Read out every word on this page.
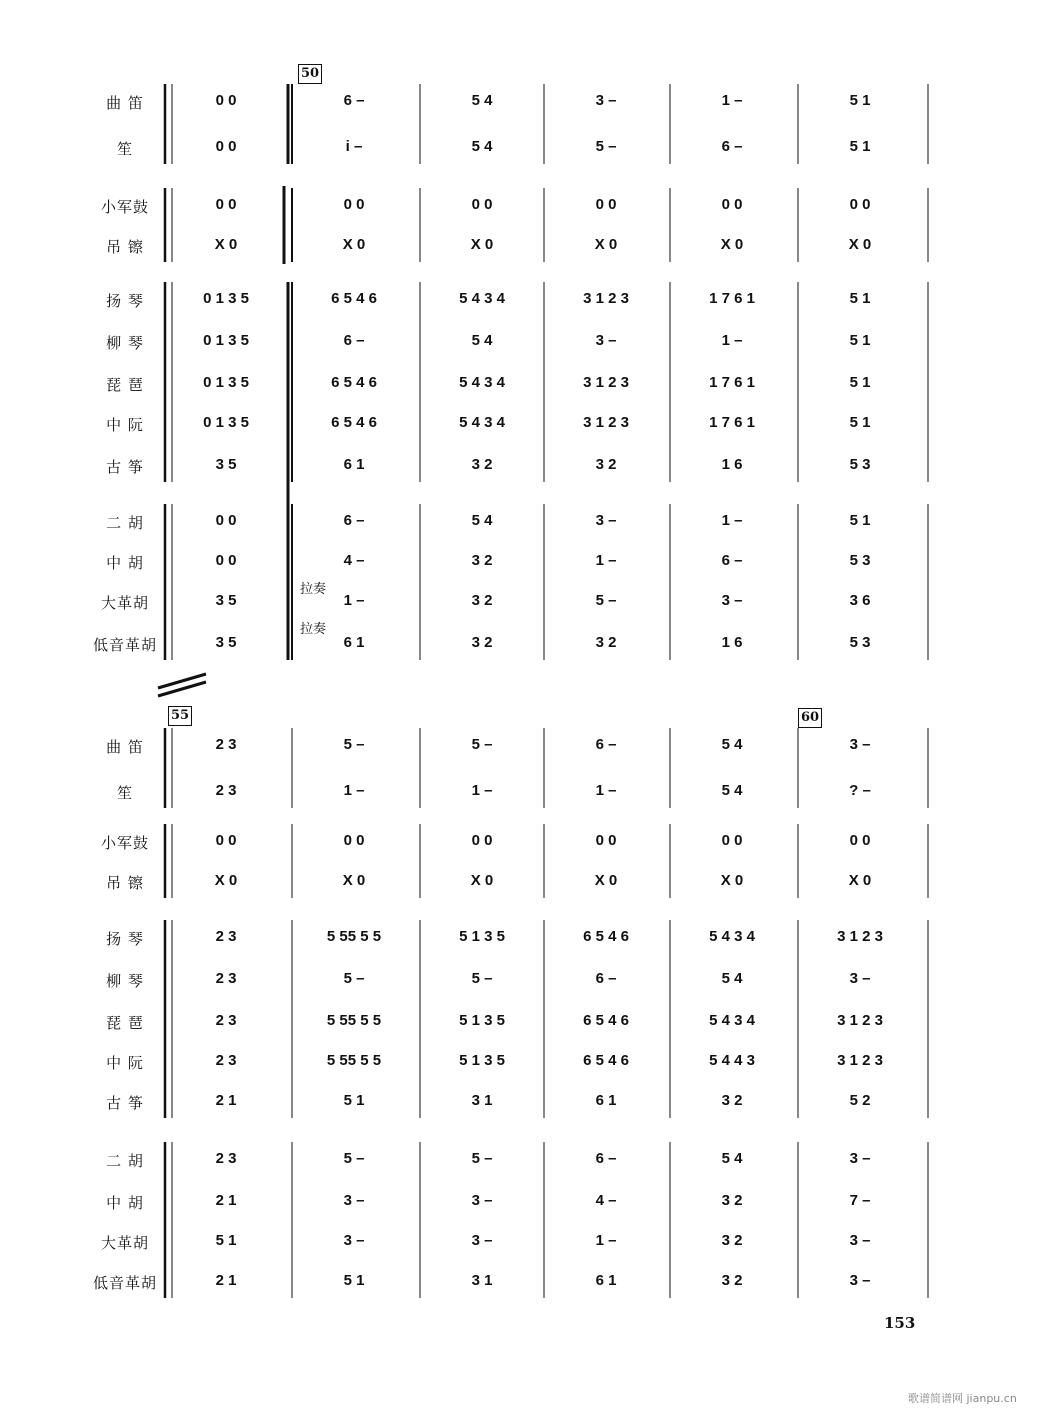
曲 笛
笙
0 0
0 0
6 –
i –
5 4
5 4
3 –
5 –
1 –
6 –
5 1
5 1
小军鼓
吊 镲
0 0
X 0
0 0
X 0
0 0
X 0
0 0
X 0
0 0
X 0
0 0
X 0
扬 琴
柳 琴
琵 琶
中 阮
古 筝
0 1 3 5
0 1 3 5
0 1 3 5
0 1 3 5
3 5
6 5 4 6
6 –
6 5 4 6
6 5 4 6
6 1
5 4 3 4
5 4
5 4 3 4
5 4 3 4
3 2
3 1 2 3
3 –
3 1 2 3
3 1 2 3
3 2
1 7 6 1
1 –
1 7 6 1
1 7 6 1
1 6
5 1
5 1
5 1
5 1
5 3
二 胡
中 胡
大革胡
低音革胡
0 0
0 0
3 5
3 5
6 –
4 –
1 –
6 1
5 4
3 2
3 2
3 2
3 –
1 –
5 –
3 2
1 –
6 –
3 –
1 6
5 1
5 3
3 6
5 3
曲 笛
笙
2 3
2 3
5 –
1 –
5 –
1 –
6 –
1 –
5 4
5 4
3 –
? –
小军鼓
吊 镲
0 0
X 0
0 0
X 0
0 0
X 0
0 0
X 0
0 0
X 0
0 0
X 0
扬 琴
柳 琴
琵 琶
中 阮
古 筝
2 3
2 3
2 3
2 3
2 1
5 55 5 5
5 –
5 55 5 5
5 55 5 5
5 1
5 1 3 5
5 –
5 1 3 5
5 1 3 5
3 1
6 5 4 6
6 –
6 5 4 6
6 5 4 6
6 1
5 4 3 4
5 4
5 4 3 4
5 4 4 3
3 2
3 1 2 3
3 –
3 1 2 3
3 1 2 3
5 2
二 胡
中 胡
大革胡
低音革胡
2 3
2 1
5 1
2 1
5 –
3 –
3 –
5 1
5 –
3 –
3 –
3 1
6 –
4 –
1 –
6 1
5 4
3 2
3 2
3 2
3 –
7 –
3 –
3 –
50
55	60
拉奏
拉奏
153
歌谱简谱网 jianpu.cn
